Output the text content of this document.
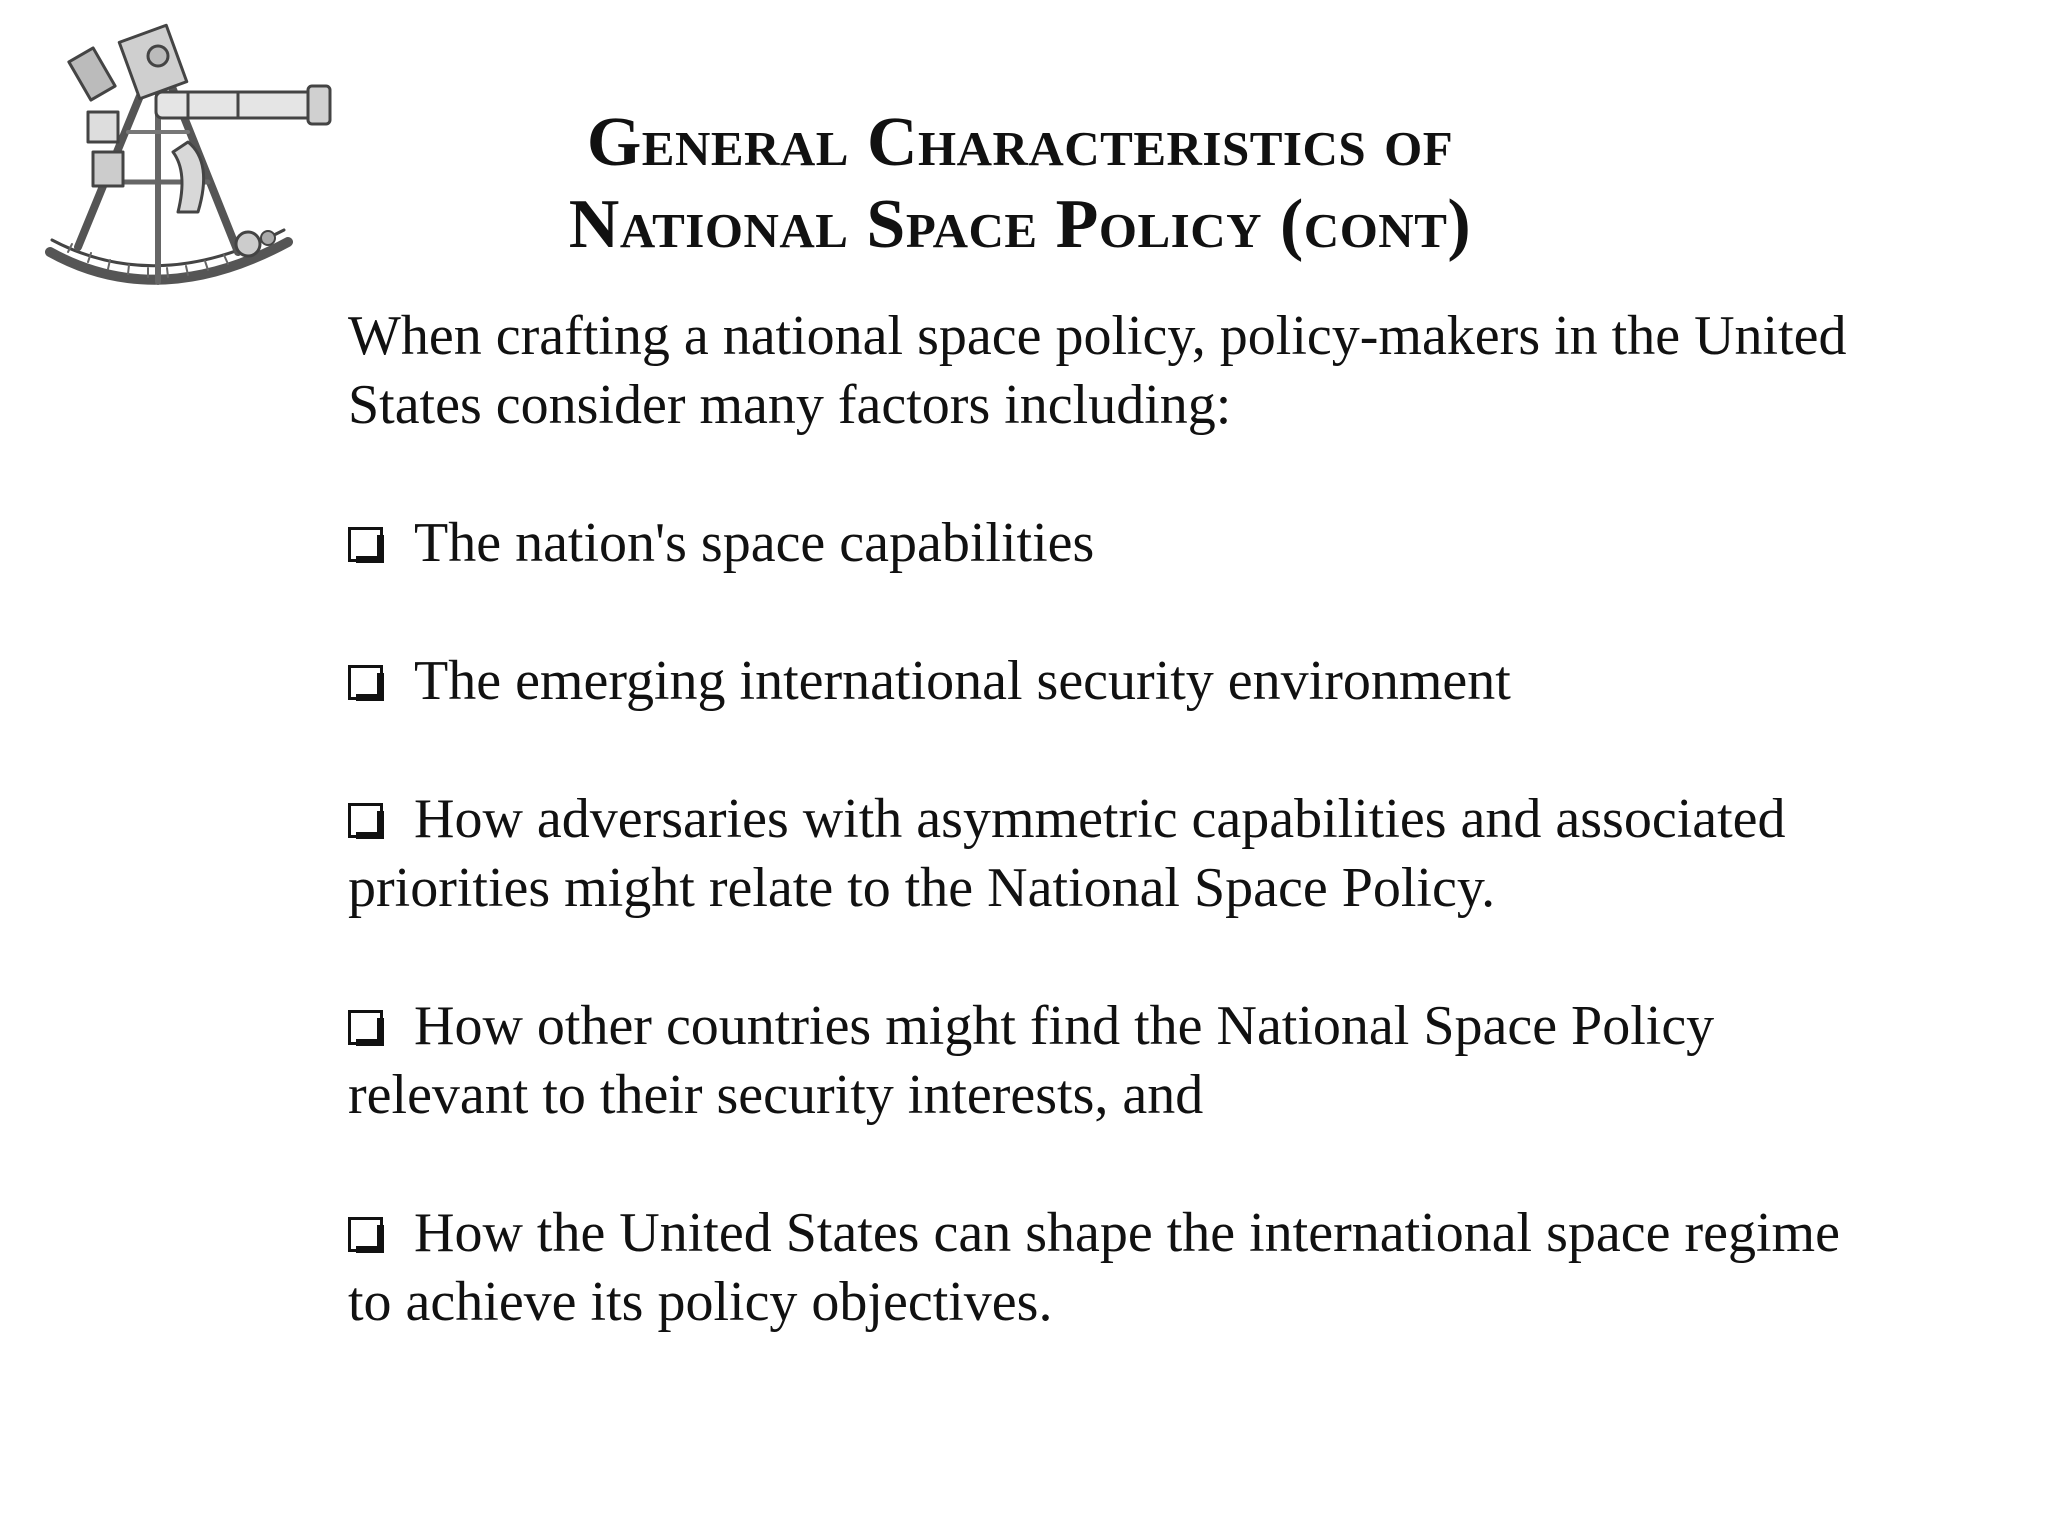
General Characteristics of
National Space Policy (cont)

When crafting a national space policy, policy-makers in the United States consider many factors including:

The nation's space capabilities

The emerging international security environment

How adversaries with asymmetric capabilities and associated priorities might relate to the National Space Policy.

How other countries might find the National Space Policy relevant to their security interests, and

How the United States can shape the international space regime to achieve its policy objectives.
